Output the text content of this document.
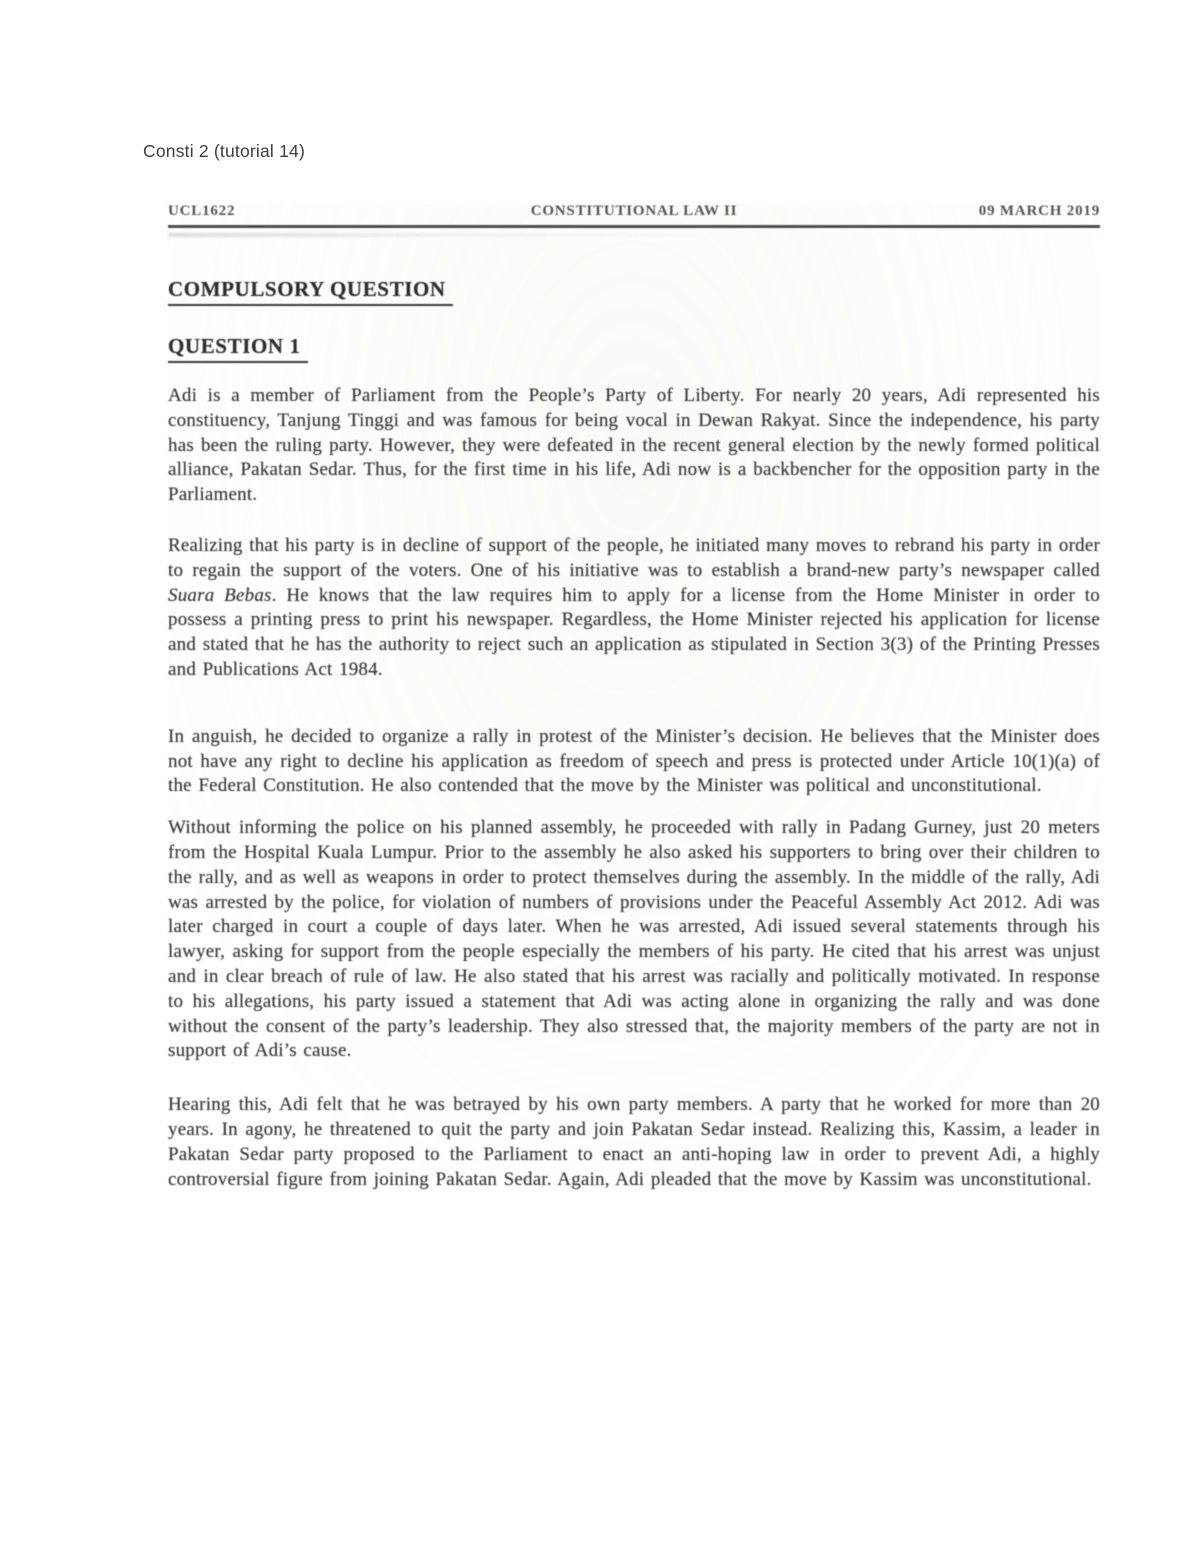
Consti 2 (tutorial 14)
UCL1622	CONSTITUTIONAL LAW II	09 MARCH 2019
COMPULSORY QUESTION
QUESTION 1

Adi is a member of Parliament from the People’s Party of Liberty. For nearly 20 years, Adi represented his constituency, Tanjung Tinggi and was famous for being vocal in Dewan Rakyat. Since the independence, his party has been the ruling party. However, they were defeated in the recent general election by the newly formed political alliance, Pakatan Sedar. Thus, for the first time in his life, Adi now is a backbencher for the opposition party in the Parliament.

Realizing that his party is in decline of support of the people, he initiated many moves to rebrand his party in order to regain the support of the voters. One of his initiative was to establish a brand-new party’s newspaper called Suara Bebas. He knows that the law requires him to apply for a license from the Home Minister in order to possess a printing press to print his newspaper. Regardless, the Home Minister rejected his application for license and stated that he has the authority to reject such an application as stipulated in Section 3(3) of the Printing Presses and Publications Act 1984.

In anguish, he decided to organize a rally in protest of the Minister’s decision. He believes that the Minister does not have any right to decline his application as freedom of speech and press is protected under Article 10(1)(a) of the Federal Constitution. He also contended that the move by the Minister was political and unconstitutional.

Without informing the police on his planned assembly, he proceeded with rally in Padang Gurney, just 20 meters from the Hospital Kuala Lumpur. Prior to the assembly he also asked his supporters to bring over their children to the rally, and as well as weapons in order to protect themselves during the assembly. In the middle of the rally, Adi was arrested by the police, for violation of numbers of provisions under the Peaceful Assembly Act 2012. Adi was later charged in court a couple of days later. When he was arrested, Adi issued several statements through his lawyer, asking for support from the people especially the members of his party. He cited that his arrest was unjust and in clear breach of rule of law. He also stated that his arrest was racially and politically motivated. In response to his allegations, his party issued a statement that Adi was acting alone in organizing the rally and was done without the consent of the party’s leadership. They also stressed that, the majority members of the party are not in support of Adi’s cause.

Hearing this, Adi felt that he was betrayed by his own party members. A party that he worked for more than 20 years. In agony, he threatened to quit the party and join Pakatan Sedar instead. Realizing this, Kassim, a leader in Pakatan Sedar party proposed to the Parliament to enact an anti-hoping law in order to prevent Adi, a highly controversial figure from joining Pakatan Sedar. Again, Adi pleaded that the move by Kassim was unconstitutional.
